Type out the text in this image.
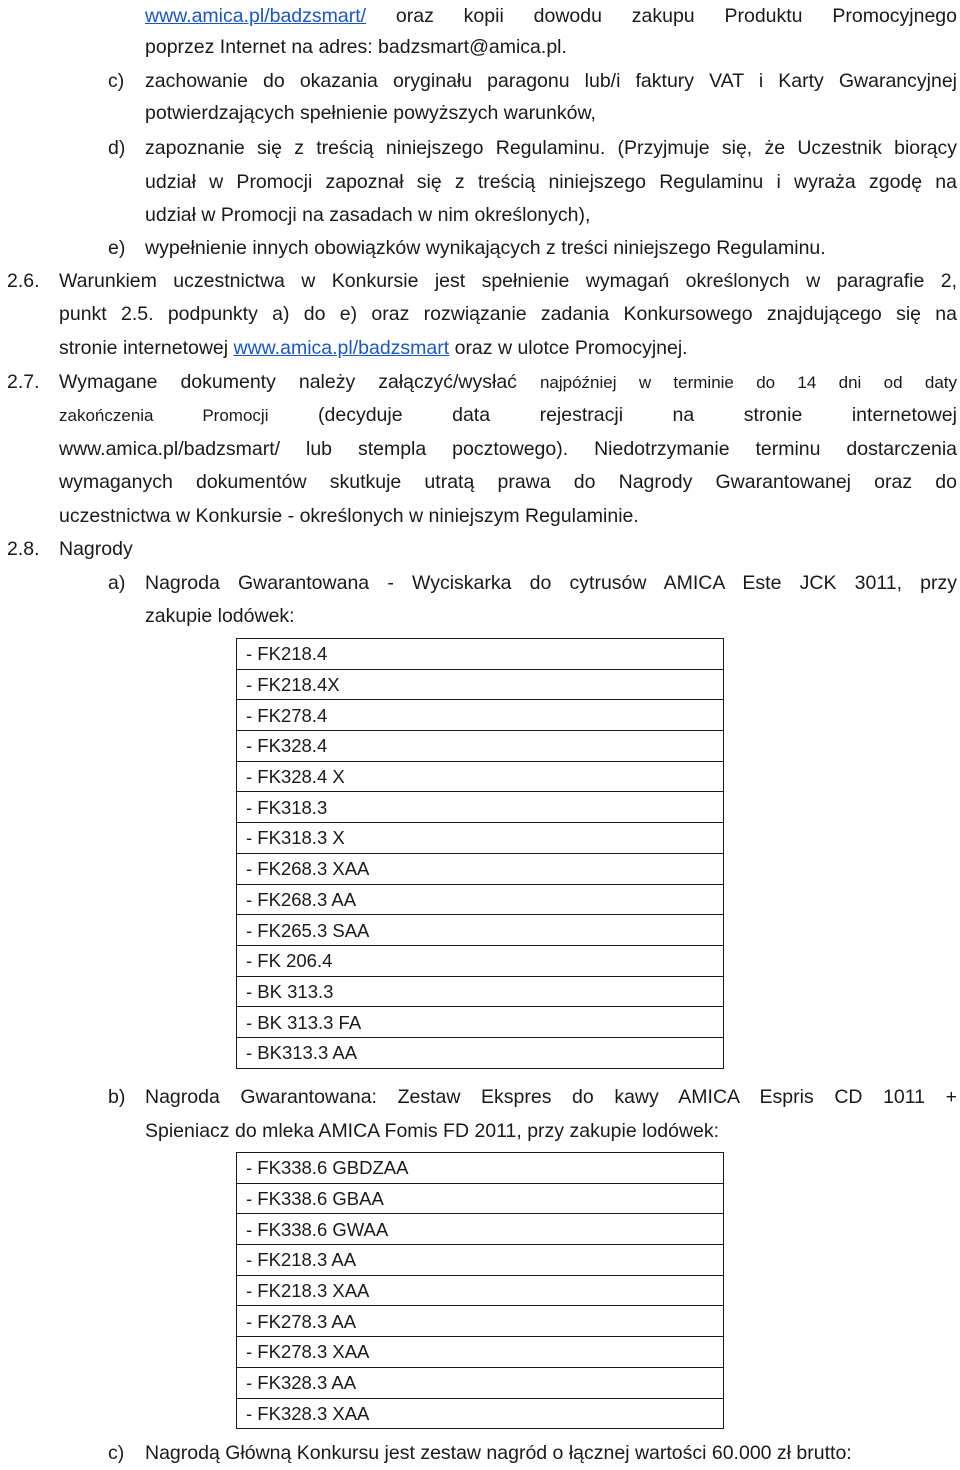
www.amica.pl/badzsmart/ oraz kopii dowodu zakupu Produktu Promocyjnego
poprzez Internet na adres: badzsmart@amica.pl.
c) zachowanie do okazania oryginału paragonu lub/i faktury VAT i Karty Gwarancyjnej
potwierdzających spełnienie powyższych warunków,
d) zapoznanie się z treścią niniejszego Regulaminu. (Przyjmuje się, że Uczestnik biorący
udział w Promocji zapoznał się z treścią niniejszego Regulaminu i wyraża zgodę na
udział w Promocji na zasadach w nim określonych),
e) wypełnienie innych obowiązków wynikających z treści niniejszego Regulaminu.
2.6. Warunkiem uczestnictwa w Konkursie jest spełnienie wymagań określonych w paragrafie 2,
punkt 2.5. podpunkty a) do e) oraz rozwiązanie zadania Konkursowego znajdującego się na
stronie internetowej www.amica.pl/badzsmart oraz w ulotce Promocyjnej.
2.7. Wymagane dokumenty należy załączyć/wysłać najpóźniej w terminie do 14 dni od daty
zakończenia Promocji	(decyduje data rejestracji na stronie internetowej
www.amica.pl/badzsmart/ lub stempla pocztowego). Niedotrzymanie terminu dostarczenia
wymaganych dokumentów skutkuje utratą prawa do Nagrody Gwarantowanej oraz do
uczestnictwa w Konkursie - określonych w niniejszym Regulaminie.
2.8. Nagrody
a) Nagroda Gwarantowana - Wyciskarka do cytrusów AMICA Este JCK 3011, przy
zakupie lodówek:
- FK218.4
- FK218.4X
- FK278.4
- FK328.4
- FK328.4 X
- FK318.3
- FK318.3 X
- FK268.3 XAA
- FK268.3 AA
- FK265.3 SAA
- FK 206.4
- BK 313.3
- BK 313.3 FA
- BK313.3 AA
b) Nagroda Gwarantowana: Zestaw Ekspres do kawy AMICA Espris CD 1011 +
Spieniacz do mleka AMICA Fomis FD 2011, przy zakupie lodówek:
- FK338.6 GBDZAA
- FK338.6 GBAA
- FK338.6 GWAA
- FK218.3 AA
- FK218.3 XAA
- FK278.3 AA
- FK278.3 XAA
- FK328.3 AA
- FK328.3 XAA
c) Nagrodą Główną Konkursu jest zestaw nagród o łącznej wartości 60.000 zł brutto:
